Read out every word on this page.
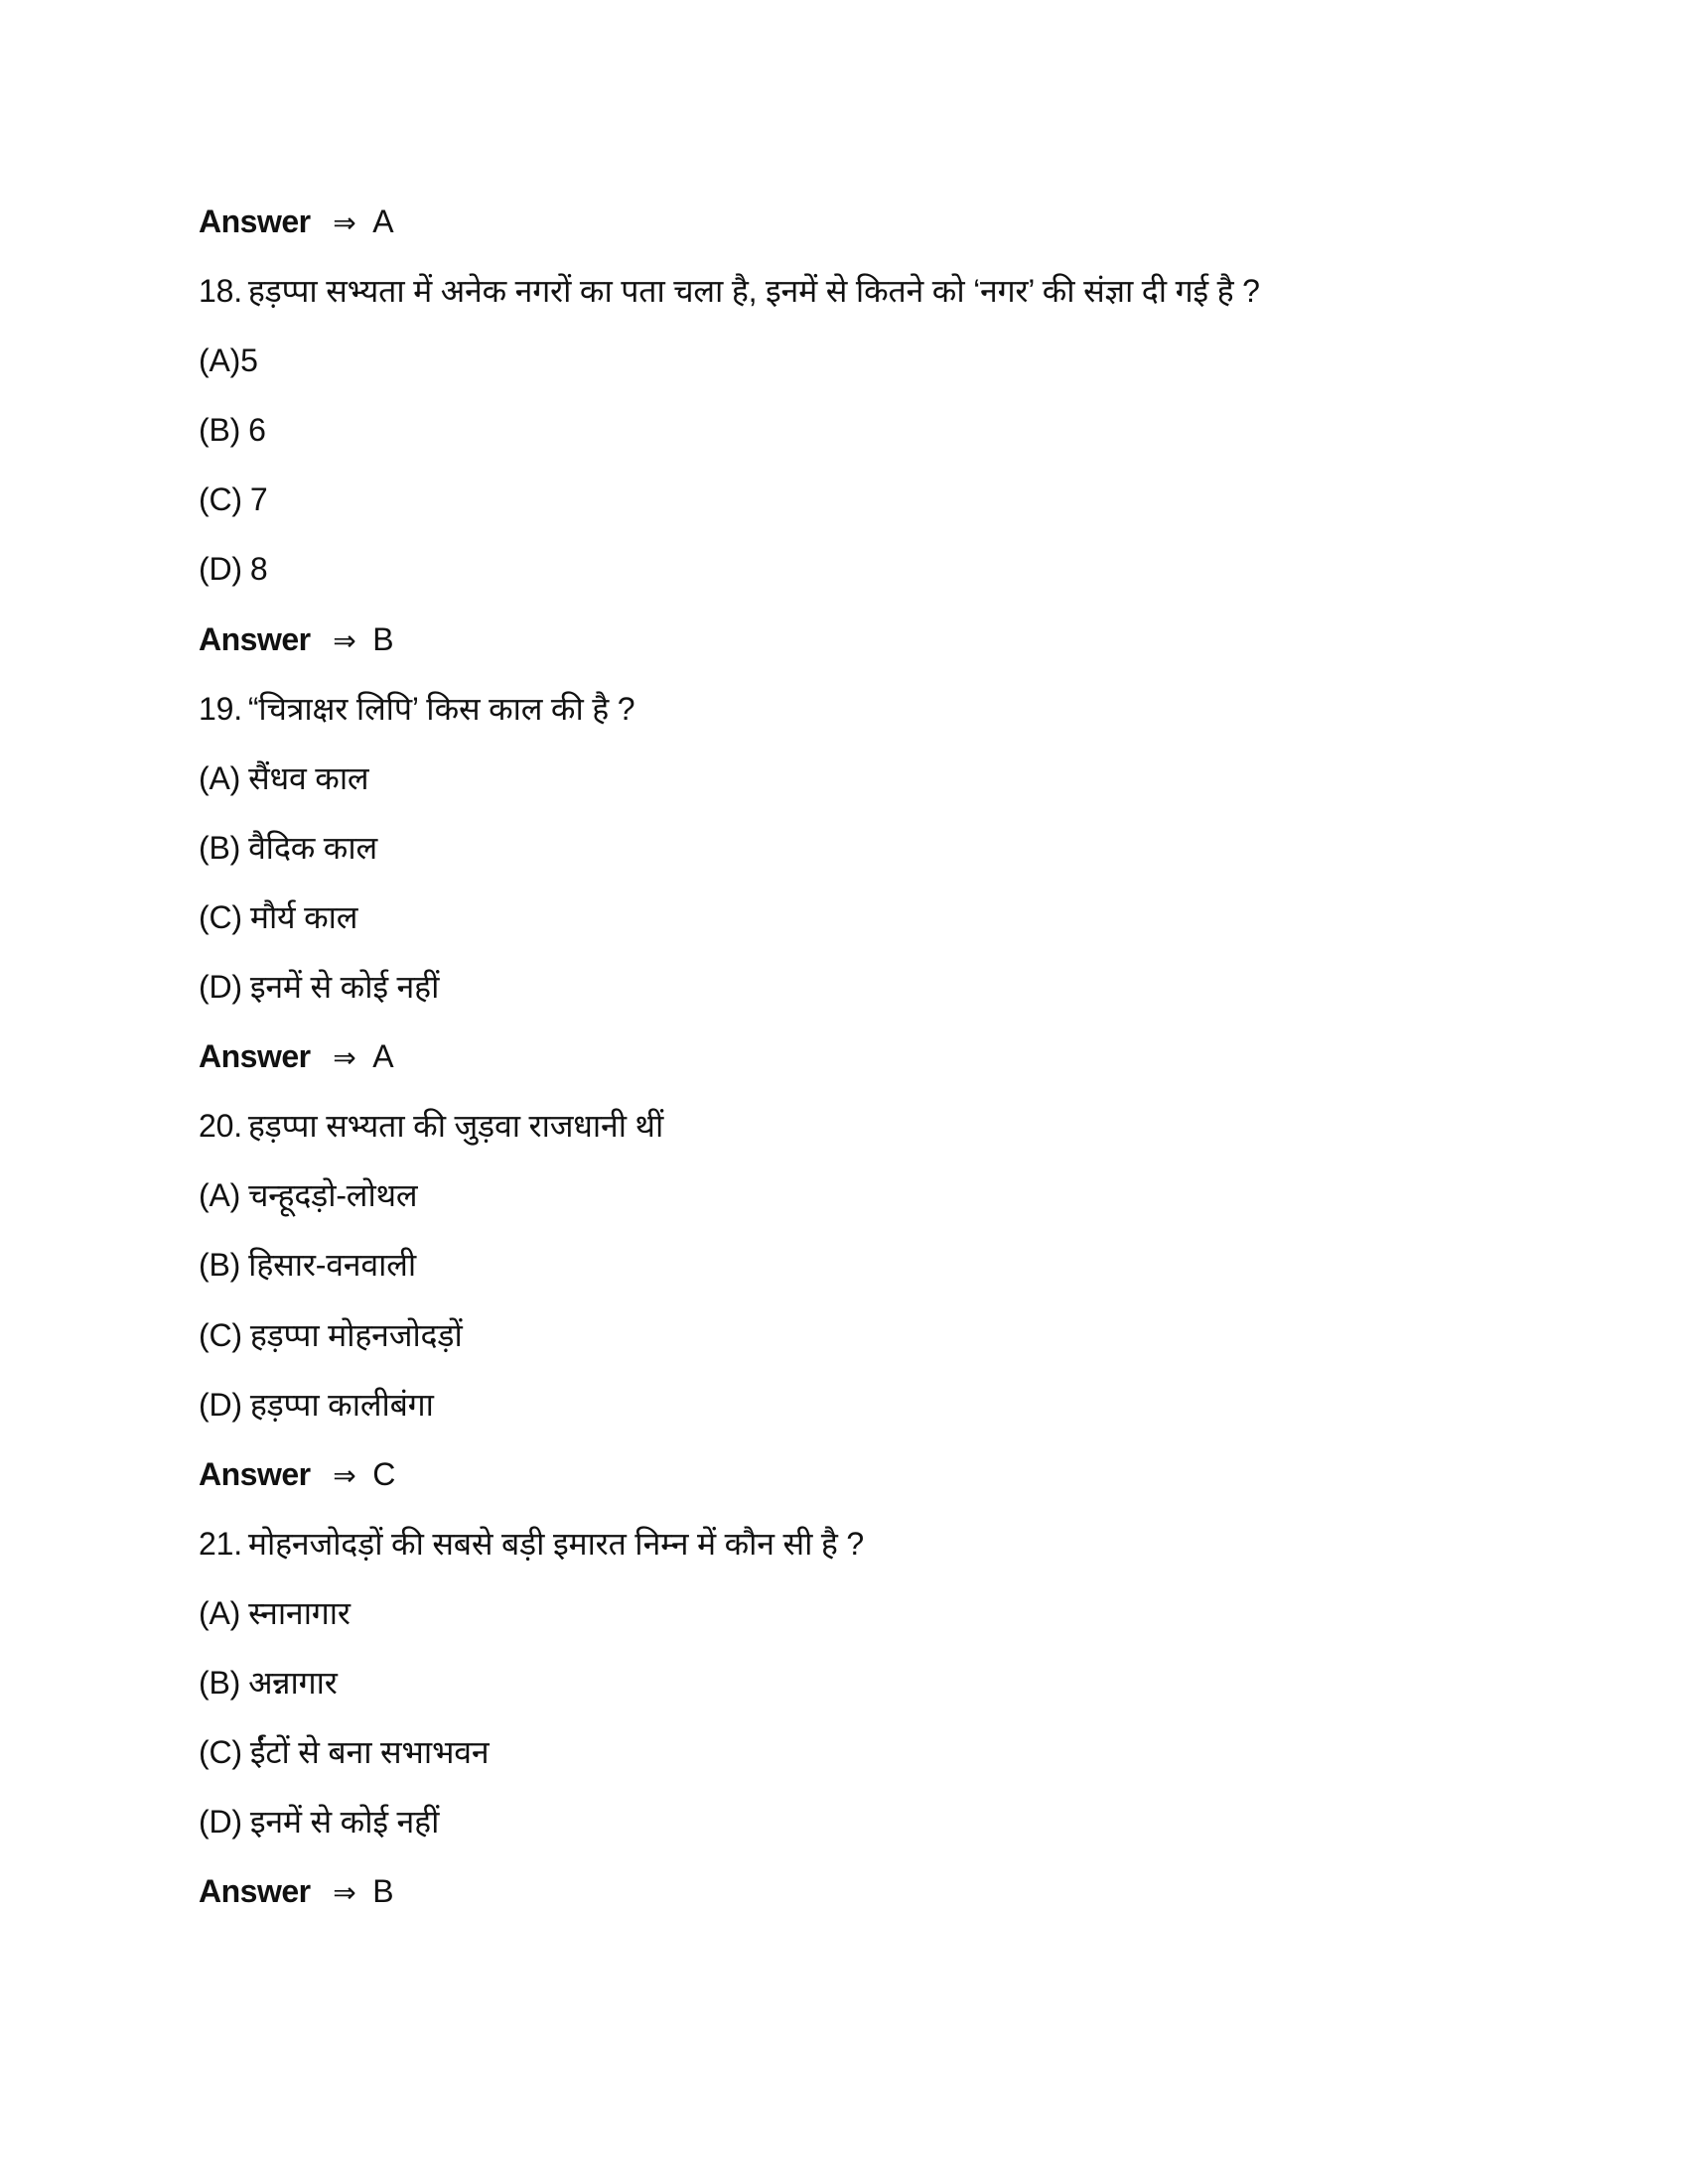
Answer ⇒ A
18. हड़प्पा सभ्यता में अनेक नगरों का पता चला है, इनमें से कितने को ‘नगर’ की संज्ञा दी गई है ?
(A)5
(B) 6
(C) 7
(D) 8
Answer ⇒ B
19. “चित्राक्षर लिपि’ किस काल की है ?
(A) सैंधव काल
(B) वैदिक काल
(C) मौर्य काल
(D) इनमें से कोई नहीं
Answer ⇒ A
20. हड़प्पा सभ्यता की जुड़वा राजधानी थीं
(A) चन्हूदड़ो-लोथल
(B) हिसार-वनवाली
(C) हड़प्पा मोहनजोदड़ों
(D) हड़प्पा कालीबंगा
Answer ⇒ C
21. मोहनजोदड़ों की सबसे बड़ी इमारत निम्न में कौन सी है ?
(A) स्नानागार
(B) अन्नागार
(C) ईंटों से बना सभाभवन
(D) इनमें से कोई नहीं
Answer ⇒ B
